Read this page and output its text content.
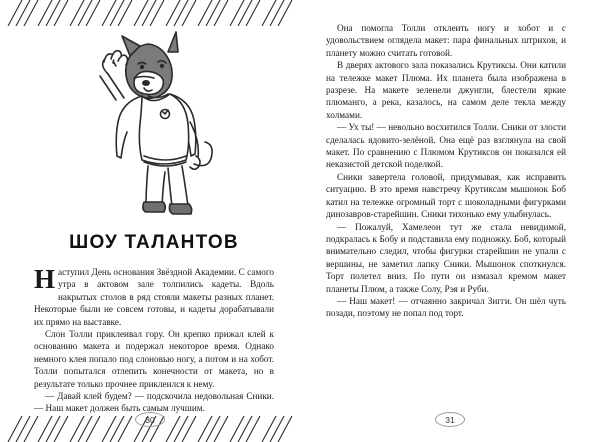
ШОУ ТАЛАНТОВ

Наступил День основания Звёздной Академии. С самого утра в актовом зале толпились кадеты. Вдоль накрытых столов в ряд стояли макеты разных планет. Некоторые были не совсем готовы, и кадеты дорабатывали их прямо на выставке.

Слон Толли приклеивал гору. Он крепко прижал клей к основанию макета и подержал некоторое время. Однако немного клея попало под слоновью ногу, а потом и на хобот. Толли попытался отлепить конечности от макета, но в результате только прочнее приклеился к нему.

— Давай клей будем? — подскочила недовольная Сники. — Наш макет должен быть самым лучшим.

30

Она помогла Толли отклеить ногу и хобот и с удовольствием оглядела макет: пара финальных штрихов, и планету можно считать готовой.

В дверях актового зала показались Крутиксы. Они катили на тележке макет Плюма. Их планета была изображена в разрезе. На макете зеленели джунгли, блестели яркие плюманго, а река, казалось, на самом деле текла между холмами.

— Ух ты! — невольно восхитился Толли. Сники от злости сделалась ядовито-зелёной. Она ещё раз взглянула на свой макет. По сравнению с Плюмом Крутиксов он показался ей неказистой детской поделкой.

Сники завертела головой, придумывая, как исправить ситуацию. В это время навстречу Крутиксам мышонок Боб катил на тележке огромный торт с шоколадными фигурками динозавров-старейшин. Сники тихонько ему улыбнулась.

— Пожалуй, Хамелеон тут же стала невидимой, подкралась к Бобу и подставила ему подножку. Боб, который внимательно следил, чтобы фигурки старейшин не упали с вершины, не заметил лапку Сники. Мышонок споткнулся. Торт полетел вниз. По пути он измазал кремом макет планеты Плюм, а также Солу, Рэя и Руби.

— Наш макет! — отчаянно закричал Зигги. Он шёл чуть позади, поэтому не попал под торт.

31
